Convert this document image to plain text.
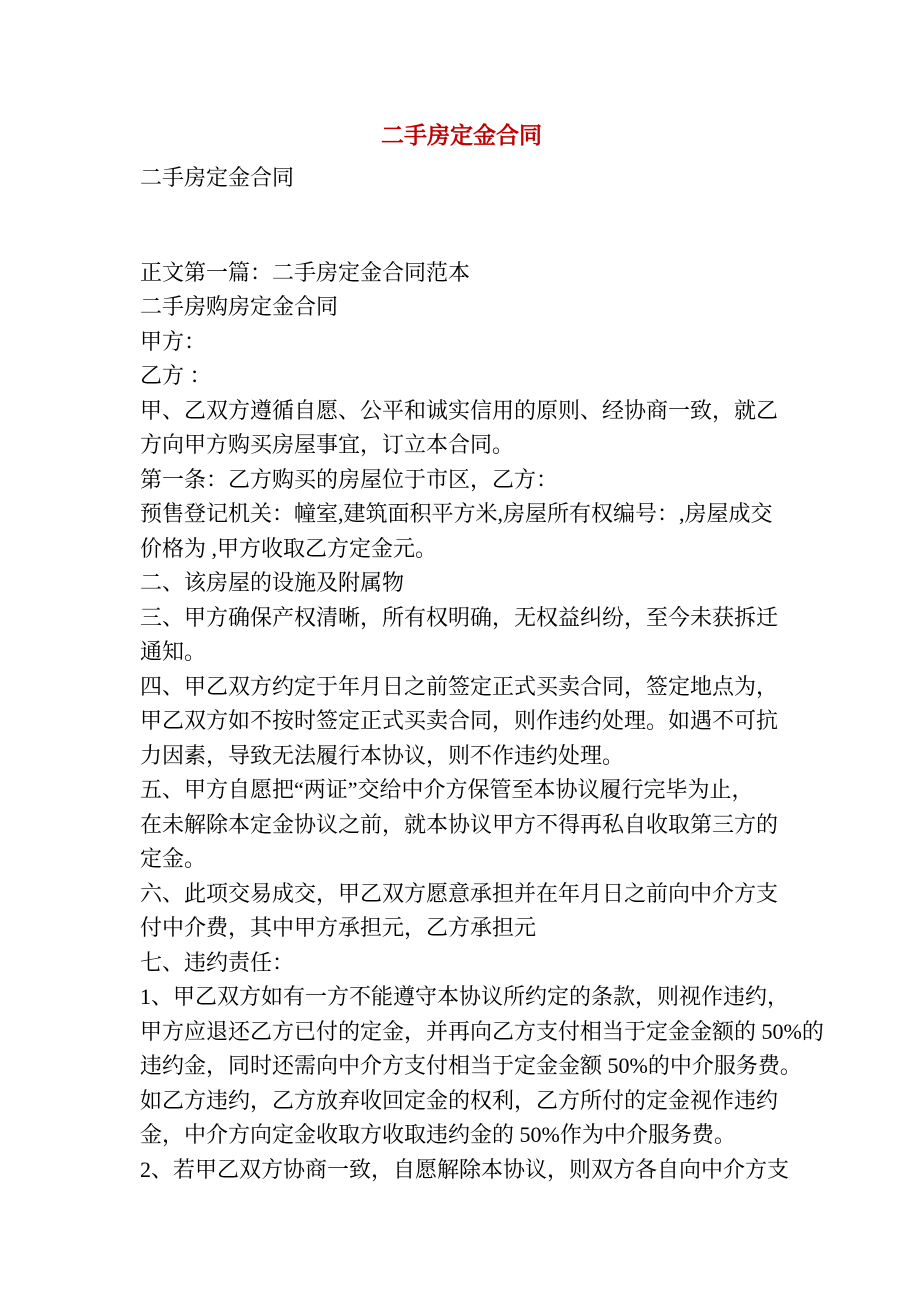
二手房定金合同

二手房定金合同

正文第一篇：二手房定金合同范本
二手房购房定金合同
甲方：
乙方 ：
甲、乙双方遵循自愿、公平和诚实信用的原则、经协商一致，就乙
方向甲方购买房屋事宜，订立本合同。
第一条：乙方购买的房屋位于市区，乙方：
预售登记机关：幢室,建筑面积平方米,房屋所有权编号：,房屋成交
价格为 ,甲方收取乙方定金元。
二、该房屋的设施及附属物
三、甲方确保产权清晰，所有权明确，无权益纠纷，至今未获拆迁
通知。
四、甲乙双方约定于年月日之前签定正式买卖合同，签定地点为，
甲乙双方如不按时签定正式买卖合同，则作违约处理。如遇不可抗
力因素，导致无法履行本协议，则不作违约处理。
五、甲方自愿把“两证”交给中介方保管至本协议履行完毕为止，
在未解除本定金协议之前，就本协议甲方不得再私自收取第三方的
定金。
六、此项交易成交，甲乙双方愿意承担并在年月日之前向中介方支
付中介费，其中甲方承担元，乙方承担元
七、违约责任：
1、甲乙双方如有一方不能遵守本协议所约定的条款，则视作违约，
甲方应退还乙方已付的定金，并再向乙方支付相当于定金金额的 50%的
违约金，同时还需向中介方支付相当于定金金额 50%的中介服务费。
如乙方违约，乙方放弃收回定金的权利，乙方所付的定金视作违约
金，中介方向定金收取方收取违约金的 50%作为中介服务费。
2、若甲乙双方协商一致，自愿解除本协议，则双方各自向中介方支
